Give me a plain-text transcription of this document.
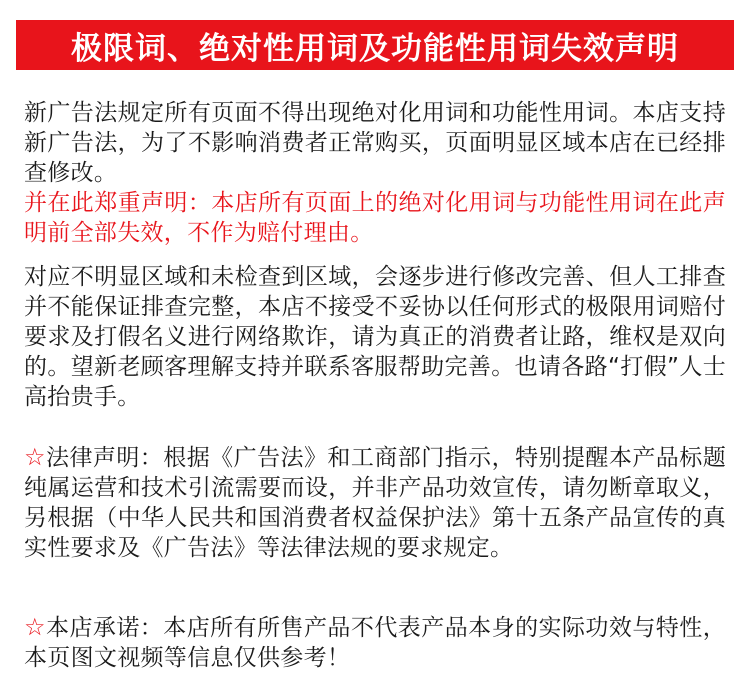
极限词、绝对性用词及功能性用词失效声明

新广告法规定所有页面不得出现绝对化用词和功能性用词。本店支持新广告法，为了不影响消费者正常购买，页面明显区域本店在已经排查修改。

并在此郑重声明：本店所有页面上的绝对化用词与功能性用词在此声明前全部失效，不作为赔付理由。

对应不明显区域和未检查到区域，会逐步进行修改完善、但人工排查并不能保证排查完整，本店不接受不妥协以任何形式的极限用词赔付要求及打假名义进行网络欺诈，请为真正的消费者让路，维权是双向的。望新老顾客理解支持并联系客服帮助完善。也请各路“打假”人士高抬贵手。

☆法律声明：根据《广告法》和工商部门指示，特别提醒本产品标题纯属运营和技术引流需要而设，并非产品功效宣传，请勿断章取义，另根据（中华人民共和国消费者权益保护法》第十五条产品宣传的真实性要求及《广告法》等法律法规的要求规定。

☆本店承诺：本店所有所售产品不代表产品本身的实际功效与特性，本页图文视频等信息仅供参考！
